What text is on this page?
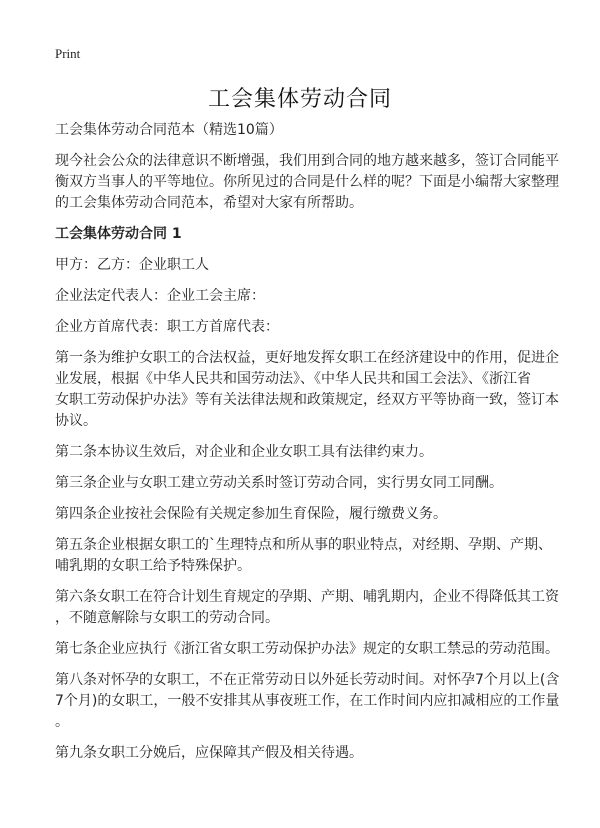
Print
工会集体劳动合同

工会集体劳动合同范本（精选10篇）

现今社会公众的法律意识不断增强，我们用到合同的地方越来越多，签订合同能平
衡双方当事人的平等地位。你所见过的合同是什么样的呢？下面是小编帮大家整理
的工会集体劳动合同范本，希望对大家有所帮助。

工会集体劳动合同 1

甲方：乙方：企业职工人

企业法定代表人：企业工会主席：

企业方首席代表：职工方首席代表：

第一条为维护女职工的合法权益，更好地发挥女职工在经济建设中的作用，促进企
业发展，根据《中华人民共和国劳动法》、《中华人民共和国工会法》、《浙江省
女职工劳动保护办法》等有关法律法规和政策规定，经双方平等协商一致，签订本
协议。

第二条本协议生效后，对企业和企业女职工具有法律约束力。

第三条企业与女职工建立劳动关系时签订劳动合同，实行男女同工同酬。

第四条企业按社会保险有关规定参加生育保险，履行缴费义务。

第五条企业根据女职工的`生理特点和所从事的职业特点，对经期、孕期、产期、
哺乳期的女职工给予特殊保护。

第六条女职工在符合计划生育规定的孕期、产期、哺乳期内，企业不得降低其工资
，不随意解除与女职工的劳动合同。

第七条企业应执行《浙江省女职工劳动保护办法》规定的女职工禁忌的劳动范围。

第八条对怀孕的女职工，不在正常劳动日以外延长劳动时间。对怀孕7个月以上(含
7个月)的女职工，一般不安排其从事夜班工作，在工作时间内应扣减相应的工作量
。

第九条女职工分娩后，应保障其产假及相关待遇。
